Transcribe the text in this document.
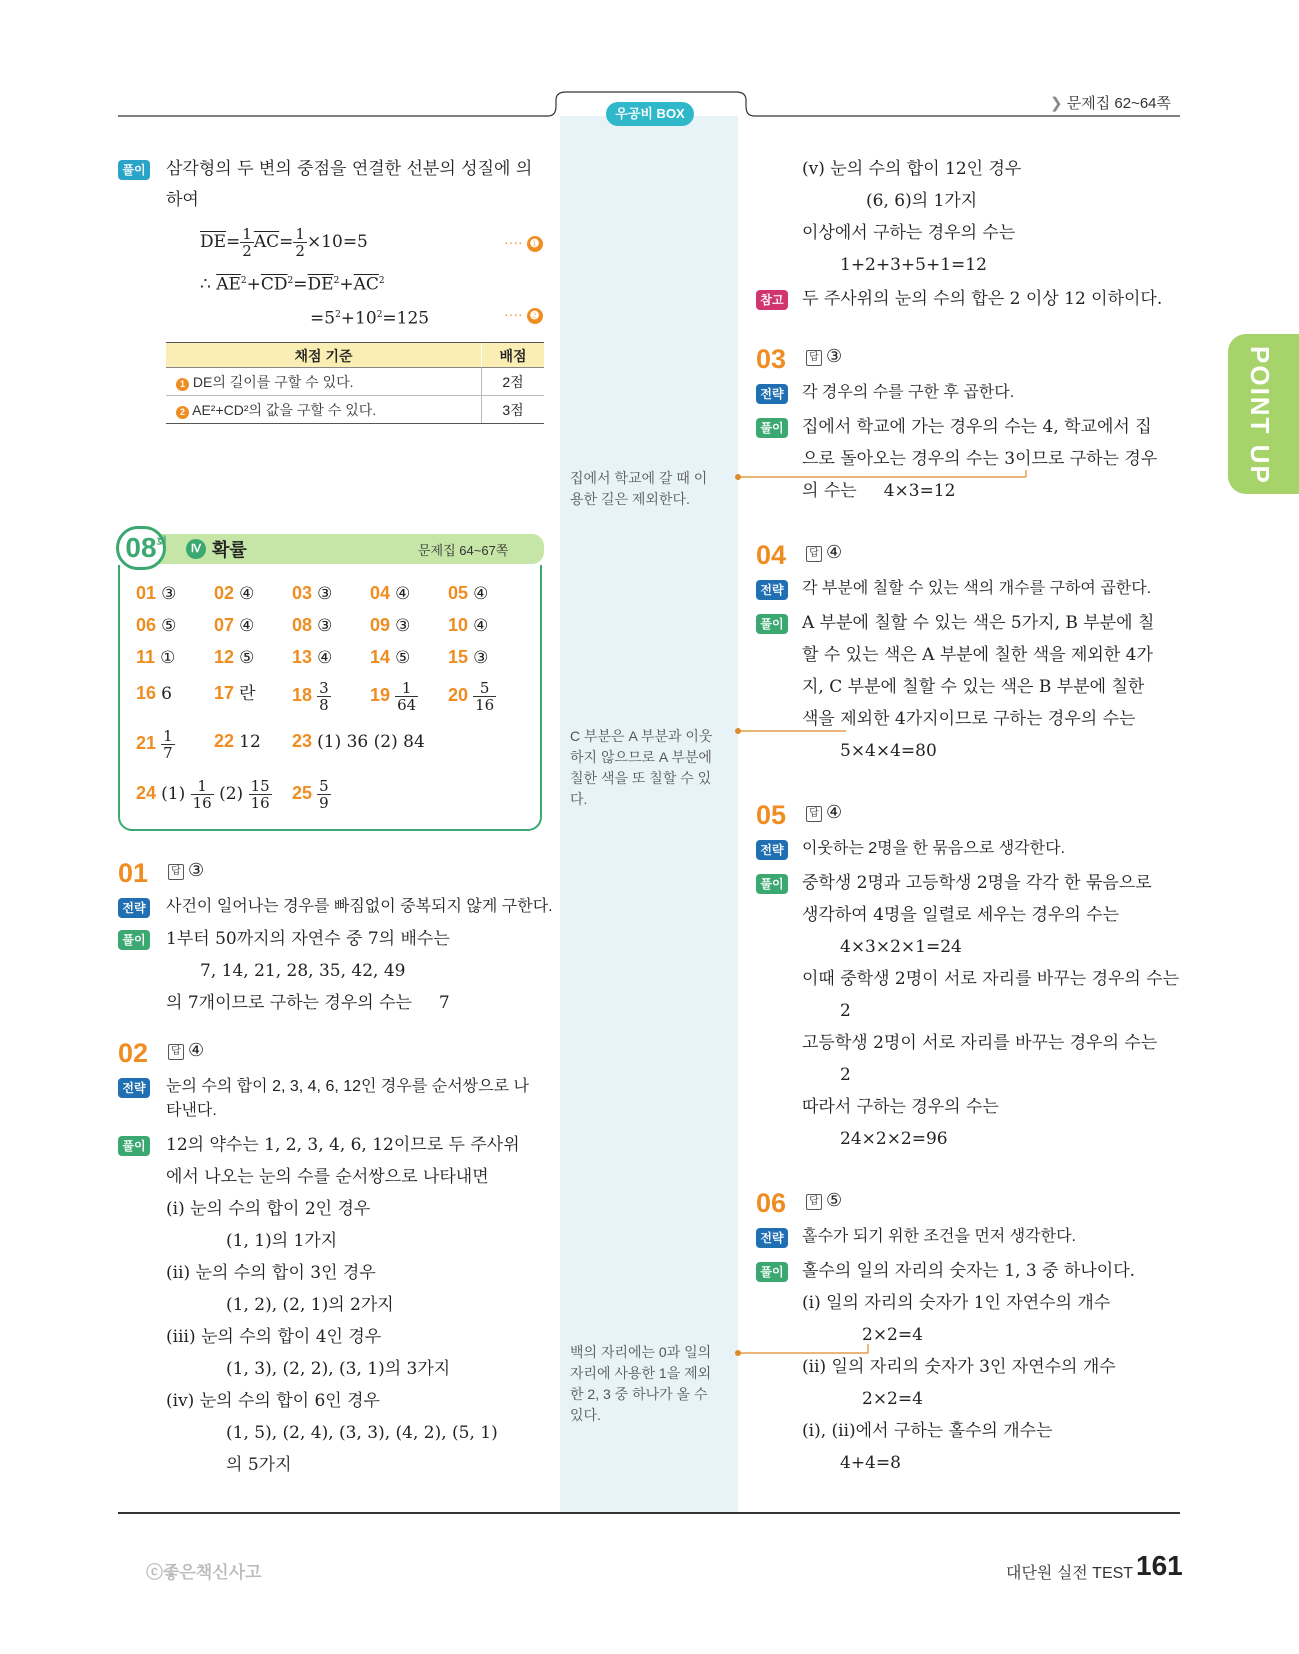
우공비 BOX
❯ 문제집 62~64쪽
POINT UP
풀이 삼각형의 두 변의 중점을 연결한 선분의 성질에 의
하여
$\overline{DE}= \frac{1}{2} \overline{AC}= \frac{1}{2} \times 10=5$	···· ❶
∴ $\overline{AE}^2+\overline{CD}^2=\overline{DE}^2+\overline{AC}^2$
$=5^2+10^2=125$	···· ❷
채점 기준	배점
1 DE의 길이를 구할 수 있다.	2점
2 AE²+CD²의 값을 구할 수 있다.	3점
08 회
Ⅳ 확률	문제집 64~67쪽
01 ③ 02 ④ 03 ③ 04 ④ 05 ④
06 ⑤ 07 ④ 08 ③ 09 ③ 10 ④
11 ① 12 ⑤ 13 ④ 14 ⑤ 15 ③
16 6 17 란 $18 \frac{3}{8} 19 \frac{1}{64} 20 \frac{5}{16}$
$21 \frac{1}{7} 22$ 12 23 (1) 36 (2) 84
24 $(1) \frac{1}{16} (2) \frac{15}{16} 25 \frac{5}{9}$
01	답 ③
전략 사건이 일어나는 경우를 빠짐없이 중복되지 않게 구한다.
풀이 1부터 50까지의 자연수 중 7의 배수는
7, 14, 21, 28, 35, 42, 49
의 7개이므로 구하는 경우의 수는     7
02	답 ④
전략 눈의 수의 합이 2, 3, 4, 6, 12인 경우를 순서쌍으로 나
타낸다.
풀이 12의 약수는 1, 2, 3, 4, 6, 12이므로 두 주사위
에서 나오는 눈의 수를 순서쌍으로 나타내면
(ⅰ) 눈의 수의 합이 2인 경우
(1, 1)의 1가지
(ⅱ) 눈의 수의 합이 3인 경우
(1, 2), (2, 1)의 2가지
(ⅲ) 눈의 수의 합이 4인 경우
(1, 3), (2, 2), (3, 1)의 3가지
(ⅳ) 눈의 수의 합이 6인 경우
(1, 5), (2, 4), (3, 3), (4, 2), (5, 1)
의 5가지
(ⅴ) 눈의 수의 합이 12인 경우
(6, 6)의 1가지
이상에서 구하는 경우의 수는
1+2+3+5+1=12
참고 두 주사위의 눈의 수의 합은 2 이상 12 이하이다.
03	답 ③
전략 각 경우의 수를 구한 후 곱한다.
풀이 집에서 학교에 가는 경우의 수는 4, 학교에서 집
으로 돌아오는 경우의 수는 3이므로 구하는 경우
의 수는     4×3=12
집에서 학교에 갈 때 이용한 길은 제외한다.
04	답 ④
전략 각 부분에 칠할 수 있는 색의 개수를 구하여 곱한다.
풀이 A 부분에 칠할 수 있는 색은 5가지, B 부분에 칠
할 수 있는 색은 A 부분에 칠한 색을 제외한 4가
지, C 부분에 칠할 수 있는 색은 B 부분에 칠한
색을 제외한 4가지이므로 구하는 경우의 수는
5×4×4=80
C 부분은 A 부분과 이웃하지 않으므로 A 부분에 칠한 색을 또 칠할 수 있다.
05	답 ④
전략 이웃하는 2명을 한 묶음으로 생각한다.
풀이 중학생 2명과 고등학생 2명을 각각 한 묶음으로
생각하여 4명을 일렬로 세우는 경우의 수는
4×3×2×1=24
이때 중학생 2명이 서로 자리를 바꾸는 경우의 수는
2
고등학생 2명이 서로 자리를 바꾸는 경우의 수는
2
따라서 구하는 경우의 수는
24×2×2=96
06	답 ⑤
전략 홀수가 되기 위한 조건을 먼저 생각한다.
풀이 홀수의 일의 자리의 숫자는 1, 3 중 하나이다.
(ⅰ) 일의 자리의 숫자가 1인 자연수의 개수
2×2=4
(ⅱ) 일의 자리의 숫자가 3인 자연수의 개수
2×2=4
(ⅰ), (ⅱ)에서 구하는 홀수의 개수는
4+4=8
백의 자리에는 0과 일의 자리에 사용한 1을 제외한 2, 3 중 하나가 올 수 있다.
ⓒ좋은책신사고	대단원 실전 TEST 161
